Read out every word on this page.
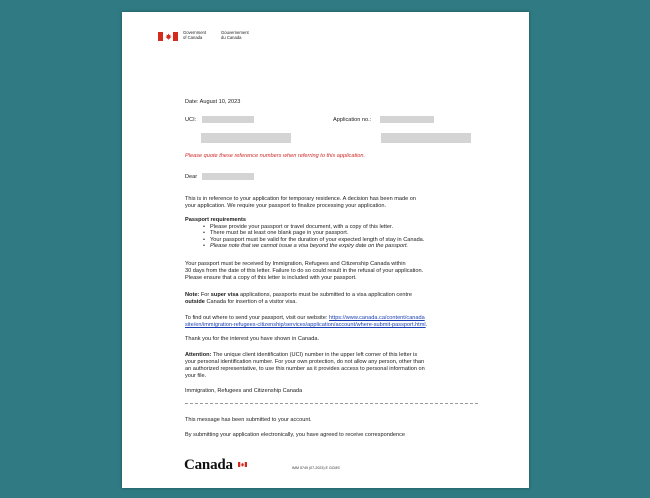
Government
of Canada
Gouvernement
du Canada
Date: August 10, 2023
UCI:	Application no.:
Please quote these reference numbers when referring to this application.
Dear
This is in reference to your application for temporary residence. A decision has been made on
your application. We require your passport to finalize processing your application.
Passport requirements
• Please provide your passport or travel document, with a copy of this letter.
• There must be at least one blank page in your passport.
• Your passport must be valid for the duration of your expected length of stay in Canada.
• Please note that we cannot issue a visa beyond the expiry date on the passport.
Your passport must be received by Immigration, Refugees and Citizenship Canada within
30 days from the date of this letter. Failure to do so could result in the refusal of your application.
Please ensure that a copy of this letter is included with your passport.
Note: For super visa applications, passports must be submitted to a visa application centre
outside Canada for insertion of a visitor visa.
To find out where to send your passport, visit our website: https://www.canada.ca/content/canada
site/en/immigration-refugees-citizenship/services/application/account/where-submit-passport.html.
Thank you for the interest you have shown in Canada.
Attention: The unique client identification (UCI) number in the upper left corner of this letter is
your personal identification number. For your own protection, do not allow any person, other than
an authorized representative, to use this number as it provides access to personal information on
your file.
Immigration, Refugees and Citizenship Canada
This message has been submitted to your account.
By submitting your application electronically, you have agreed to receive correspondence
Canada	IMM 5749 (07-2023) E GCMS
